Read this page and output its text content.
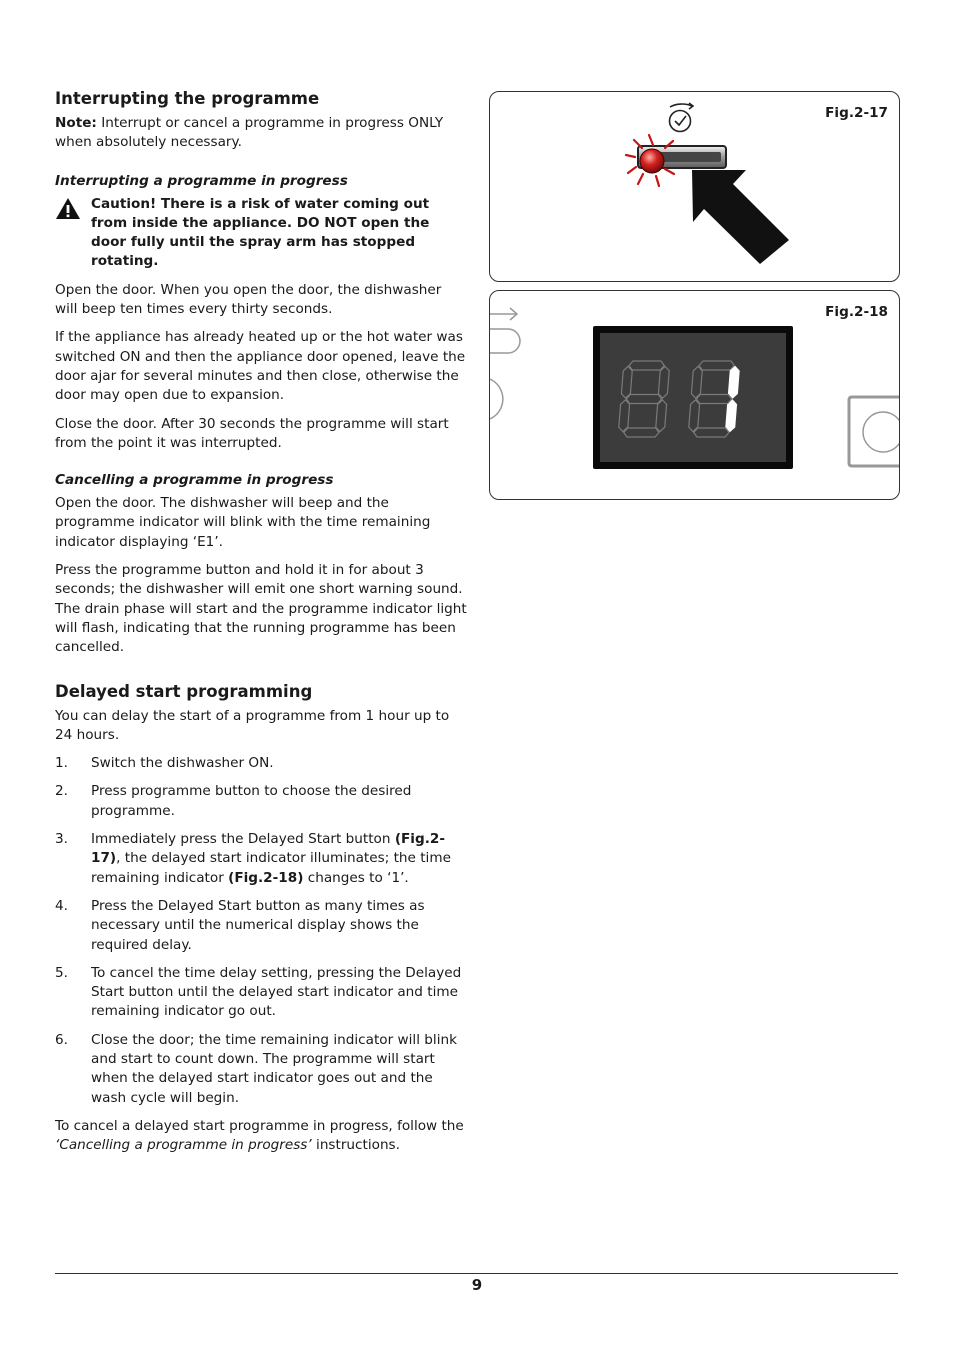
Interrupting the programme

Note: Interrupt or cancel a programme in progress ONLY when absolutely necessary.

Interrupting a programme in progress
Caution! There is a risk of water coming out from inside the appliance. DO NOT open the door fully until the spray arm has stopped rotating.

Open the door. When you open the door, the dishwasher will beep ten times every thirty seconds.

If the appliance has already heated up or the hot water was switched ON and then the appliance door opened, leave the door ajar for several minutes and then close, otherwise the door may open due to expansion.

Close the door. After 30 seconds the programme will start from the point it was interrupted.

Cancelling a programme in progress

Open the door. The dishwasher will beep and the programme indicator will blink with the time remaining indicator displaying ‘E1’.

Press the programme button and hold it in for about 3 seconds; the dishwasher will emit one short warning sound. The drain phase will start and the programme indicator light will flash, indicating that the running programme has been cancelled.

Delayed start programming

You can delay the start of a programme from 1 hour up to 24 hours.

1.	Switch the dishwasher ON.
2.	Press programme button to choose the desired programme.
3.	Immediately press the Delayed Start button (Fig.2-17), the delayed start indicator illuminates; the time remaining indicator (Fig.2-18) changes to ‘1’.
4.	Press the Delayed Start button as many times as necessary until the numerical display shows the required delay.
5.	To cancel the time delay setting, pressing the Delayed Start button until the delayed start indicator and time remaining indicator go out.
6.	Close the door; the time remaining indicator will blink and start to count down. The programme will start when the delayed start indicator goes out and the wash cycle will begin.

To cancel a delayed start programme in progress, follow the ‘Cancelling a programme in progress’ instructions.

Fig.2-17
Fig.2-18
9
